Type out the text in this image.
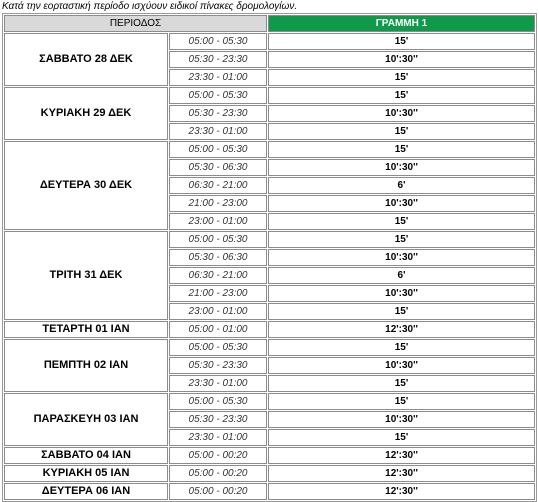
Κατά την εορταστική περίοδο ισχύουν ειδικοί πίνακες δρομολογίων.
ΠΕΡΙΟΔΟΣ		ΓΡΑΜΜΗ 1
ΣΑΒΒΑΤΟ 28 ΔΕΚ	05:00 - 05:30	15'
	05:30 - 23:30	10':30''
	23:30 - 01:00	15'
ΚΥΡΙΑΚΗ 29 ΔΕΚ	05:00 - 05:30	15'
	05:30 - 23:30	10':30''
	23:30 - 01:00	15'
ΔΕΥΤΕΡΑ 30 ΔΕΚ	05:00 - 05:30	15'
	05:30 - 06:30	10':30''
	06:30 - 21:00	6'
	21:00 - 23:00	10':30''
	23:00 - 01:00	15'
ΤΡΙΤΗ 31 ΔΕΚ	05:00 - 05:30	15'
	05:30 - 06:30	10':30''
	06:30 - 21:00	6'
	21:00 - 23:00	10':30''
	23:00 - 01:00	15'
ΤΕΤΑΡΤΗ 01 ΙΑΝ	05:00 - 01:00	12':30''
ΠΕΜΠΤΗ 02 ΙΑΝ	05:00 - 05:30	15'
	05:30 - 23:30	10':30''
	23:30 - 01:00	15'
ΠΑΡΑΣΚΕΥΗ 03 ΙΑΝ	05:00 - 05:30	15'
	05:30 - 23:30	10':30''
	23:30 - 01:00	15'
ΣΑΒΒΑΤΟ 04 ΙΑΝ	05:00 - 00:20	12':30''
ΚΥΡΙΑΚΗ 05 ΙΑΝ	05:00 - 00:20	12':30''
ΔΕΥΤΕΡΑ 06 ΙΑΝ	05:00 - 00:20	12':30''
